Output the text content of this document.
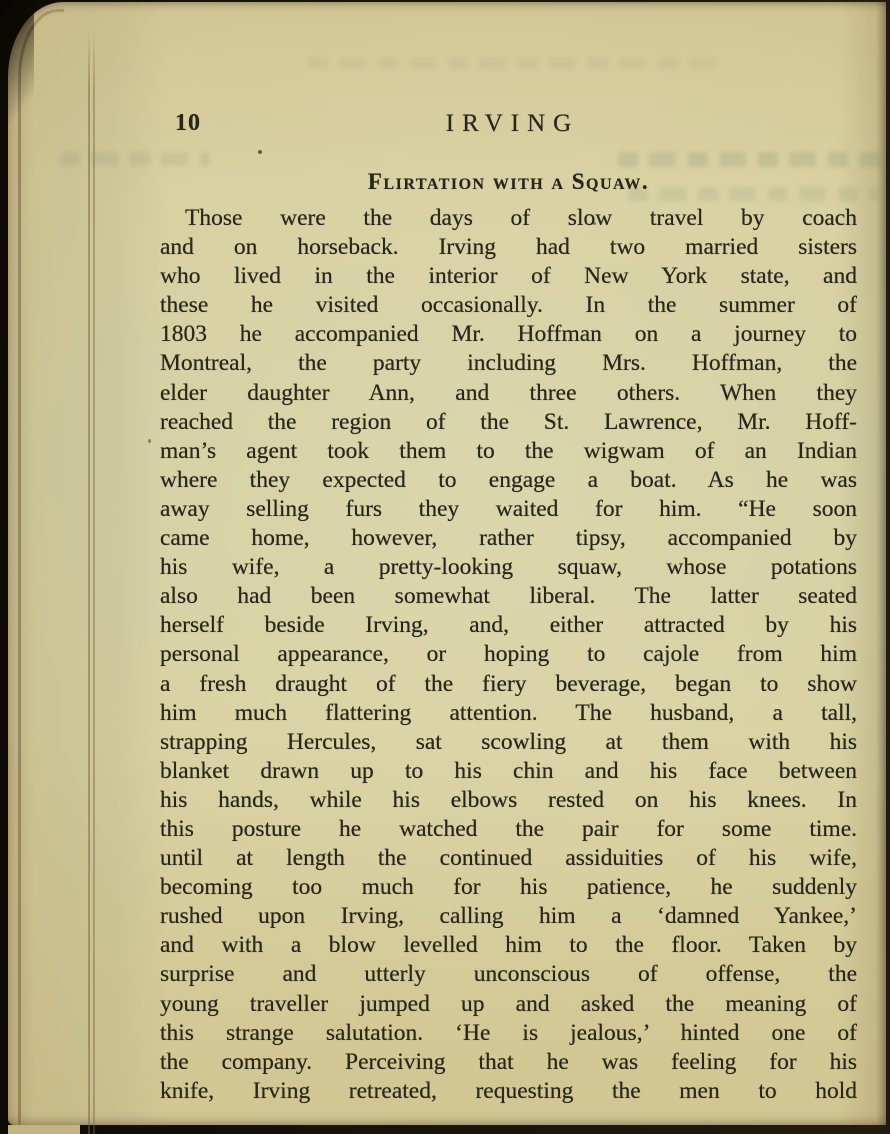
10	IRVING
Flirtation with a Squaw.
Those were the days of slow travel by coach
and on horseback. Irving had two married sisters
who lived in the interior of New York state, and
these he visited occasionally. In the summer of
1803 he accompanied Mr. Hoffman on a journey to
Montreal, the party including Mrs. Hoffman, the
elder daughter Ann, and three others. When they
reached the region of the St. Lawrence, Mr. Hoff-
man’s agent took them to the wigwam of an Indian
where they expected to engage a boat. As he was
away selling furs they waited for him. “He soon
came home, however, rather tipsy, accompanied by
his wife, a pretty-looking squaw, whose potations
also had been somewhat liberal. The latter seated
herself beside Irving, and, either attracted by his
personal appearance, or hoping to cajole from him
a fresh draught of the fiery beverage, began to show
him much flattering attention. The husband, a tall,
strapping Hercules, sat scowling at them with his
blanket drawn up to his chin and his face between
his hands, while his elbows rested on his knees. In
this posture he watched the pair for some time.
until at length the continued assiduities of his wife,
becoming too much for his patience, he suddenly
rushed upon Irving, calling him a ‘damned Yankee,’
and with a blow levelled him to the floor. Taken by
surprise and utterly unconscious of offense, the
young traveller jumped up and asked the meaning of
this strange salutation. ‘He is jealous,’ hinted one of
the company. Perceiving that he was feeling for his
knife, Irving retreated, requesting the men to hold
